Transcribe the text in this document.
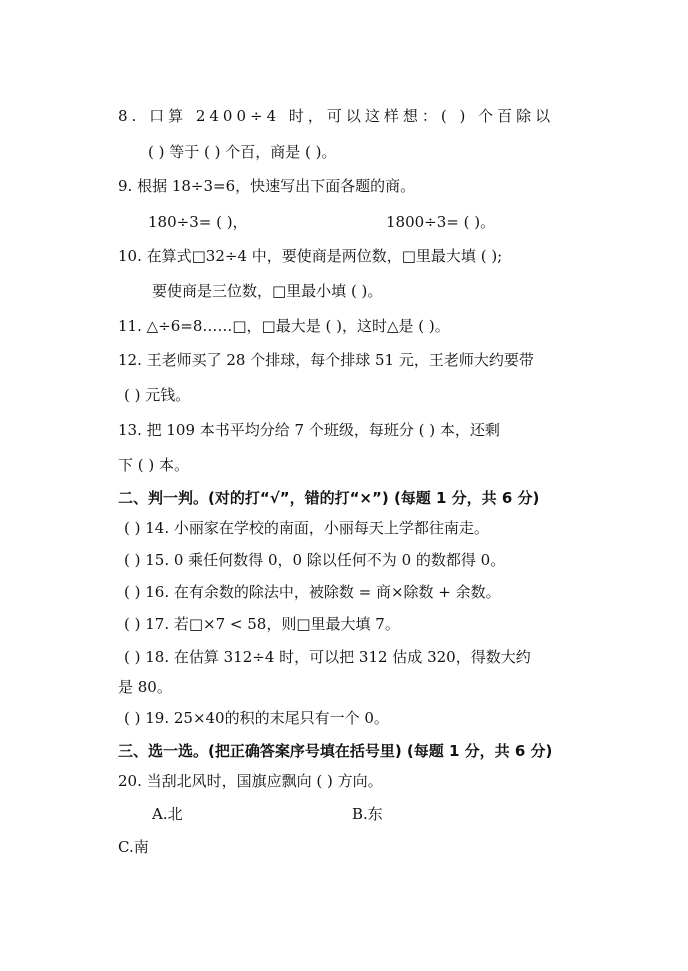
8. 口算 2400÷4 时，可以这样想：( ) 个百除以
( ) 等于 ( ) 个百，商是 ( )。
9. 根据 18÷3=6，快速写出下面各题的商。
180÷3= ( )，	1800÷3= ( )。
10. 在算式□32÷4 中，要使商是两位数，□里最大填 ( );
要使商是三位数，□里最小填 ( )。
11. △÷6=8……□，□最大是 ( )，这时△是 ( )。
12. 王老师买了 28 个排球，每个排球 51 元，王老师大约要带
( ) 元钱。
13. 把 109 本书平均分给 7 个班级，每班分 ( ) 本，还剩
下 ( ) 本。
二、判一判。(对的打“√”，错的打“×”) (每题 1 分，共 6 分)
( ) 14. 小丽家在学校的南面，小丽每天上学都往南走。
( ) 15. 0 乘任何数得 0，0 除以任何不为 0 的数都得 0。
( ) 16. 在有余数的除法中，被除数 = 商×除数 + 余数。
( ) 17. 若□×7 < 58，则□里最大填 7。
( ) 18. 在估算 312÷4 时，可以把 312 估成 320，得数大约
是 80。
( ) 19. 25×40的积的末尾只有一个 0。
三、选一选。(把正确答案序号填在括号里) (每题 1 分，共 6 分)
20. 当刮北风时，国旗应飘向 ( ) 方向。
A.北	B.东
C.南
